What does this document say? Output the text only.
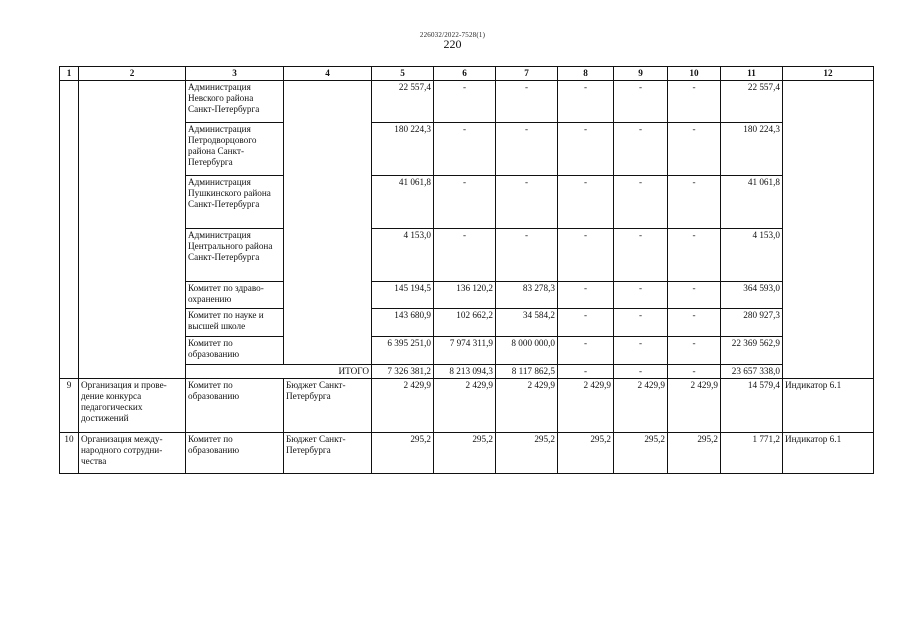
226032/2022-7528(1)
220
1	2	3	4	5	6	7	8	9	10	11	12
		Администрация Невского района Санкт-Петербурга		22 557,4	-	-	-	-	-	22 557,4	
		Администрация Петродворцового района Санкт-Петербурга		180 224,3	-	-	-	-	-	180 224,3	
		Администрация Пушкинского района Санкт-Петербурга		41 061,8	-	-	-	-	-	41 061,8	
		Администрация Центрального района Санкт-Петербурга		4 153,0	-	-	-	-	-	4 153,0	
		Комитет по здраво-охранению		145 194,5	136 120,2	83 278,3	-	-	-	364 593,0	
		Комитет по науке и высшей школе		143 680,9	102 662,2	34 584,2	-	-	-	280 927,3	
		Комитет по образованию		6 395 251,0	7 974 311,9	8 000 000,0	-	-	-	22 369 562,9	
		ИТОГО		7 326 381,2	8 213 094,3	8 117 862,5	-	-	-	23 657 338,0	
9	Организация и прове-дение конкурса педагогических достижений	Комитет по образованию	Бюджет Санкт-Петербурга	2 429,9	2 429,9	2 429,9	2 429,9	2 429,9	2 429,9	14 579,4	Индикатор 6.1
10	Организация междy-народного сотрудни-чества	Комитет по образованию	Бюджет Санкт-Петербурга	295,2	295,2	295,2	295,2	295,2	295,2	1 771,2	Индикатор 6.1
